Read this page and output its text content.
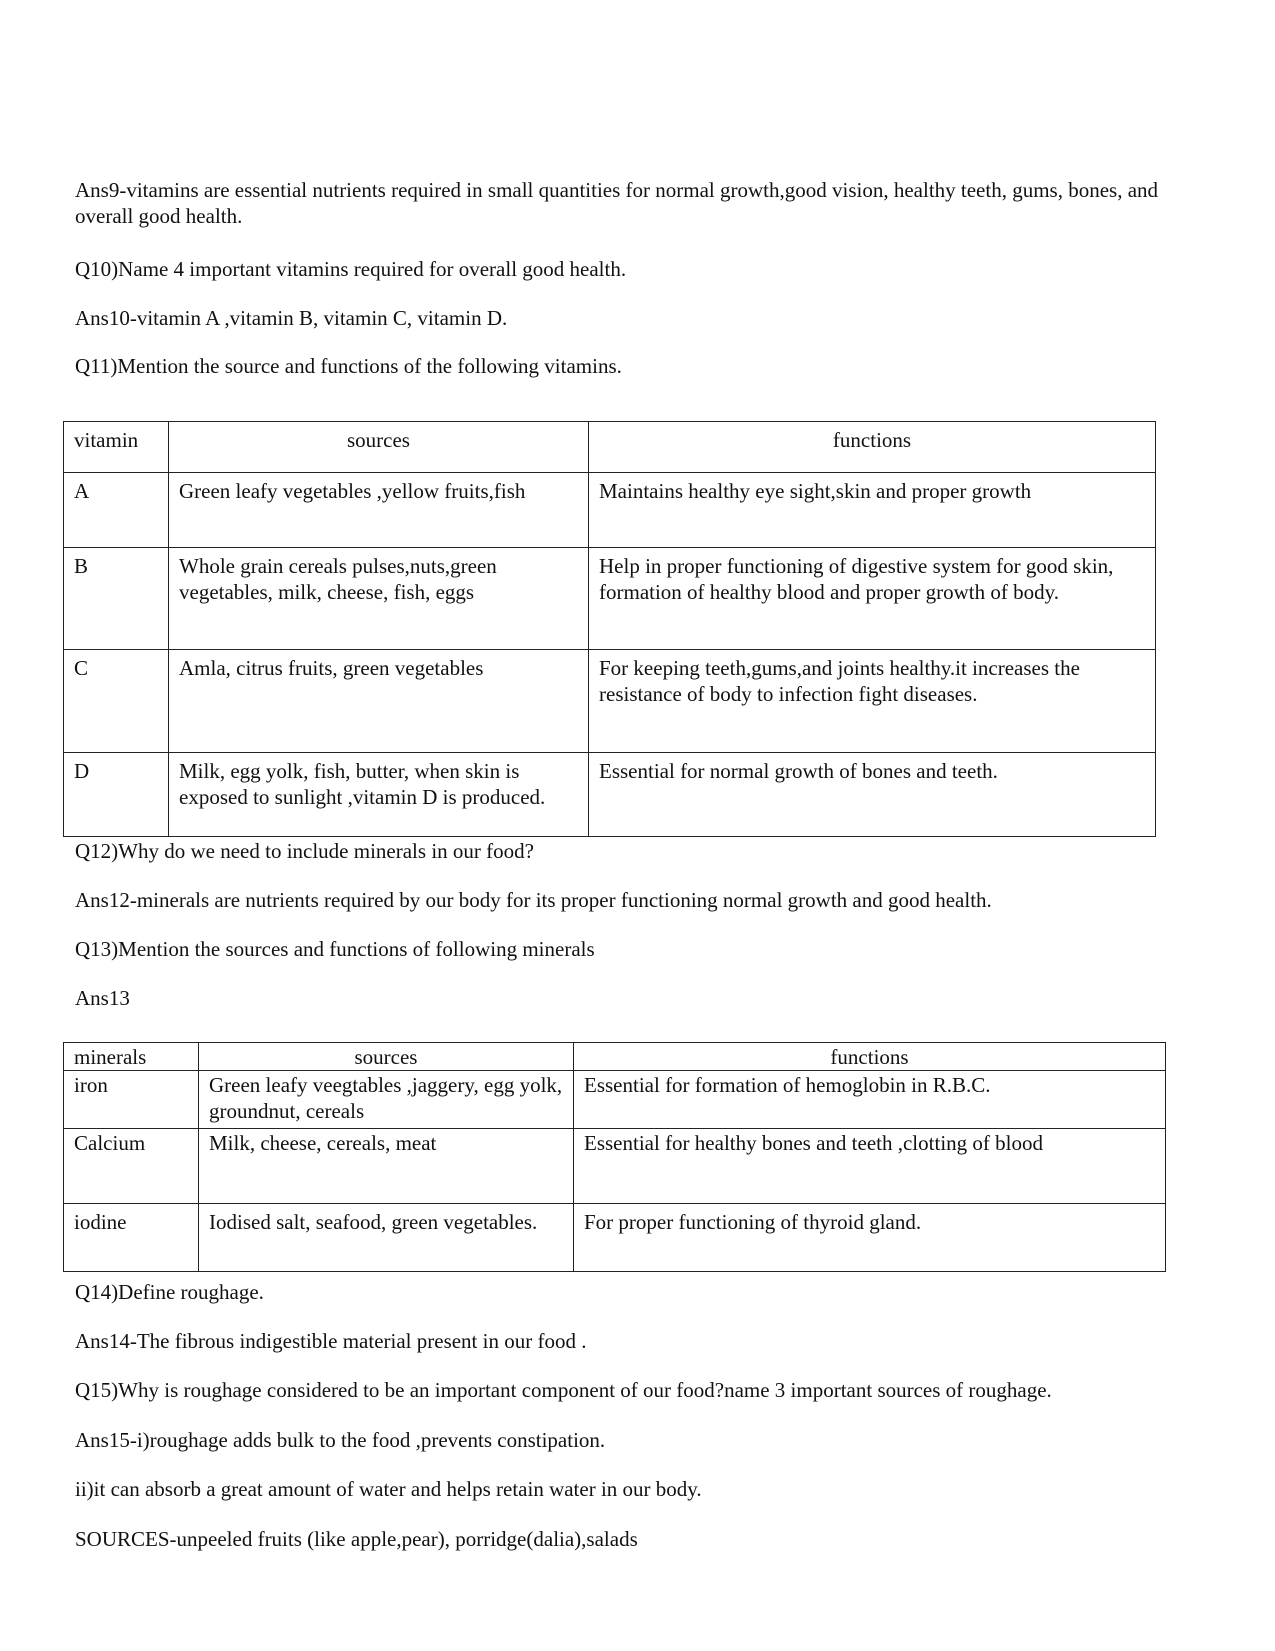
Ans9-vitamins are essential nutrients required in small quantities for normal growth,good vision, healthy teeth, gums, bones, and overall good health.

Q10)Name 4 important vitamins required for overall good health.

Ans10-vitamin A ,vitamin B, vitamin C, vitamin D.

Q11)Mention the source and functions of the following vitamins.

vitamin	sources	functions
A	Green leafy vegetables ,yellow fruits,fish	Maintains healthy eye sight,skin and proper growth
B	Whole grain cereals pulses,nuts,green vegetables, milk, cheese, fish, eggs	Help in proper functioning of digestive system for good skin, formation of healthy blood and proper growth of body.
C	Amla, citrus fruits, green vegetables	For keeping teeth,gums,and joints healthy.it increases the resistance of body to infection fight diseases.
D	Milk, egg yolk, fish, butter, when skin is exposed to sunlight ,vitamin D is produced.	Essential for normal growth of bones and teeth.

Q12)Why do we need to include minerals in our food?

Ans12-minerals are nutrients required by our body for its proper functioning normal growth and good health.

Q13)Mention the sources and functions of following minerals

Ans13

minerals	sources	functions
iron	Green leafy veegtables ,jaggery, egg yolk, groundnut, cereals	Essential for formation of hemoglobin in R.B.C.
Calcium	Milk, cheese, cereals, meat	Essential for healthy bones and teeth ,clotting of blood
iodine	Iodised salt, seafood, green vegetables.	For proper functioning of thyroid gland.

Q14)Define roughage.

Ans14-The fibrous indigestible material present in our food .

Q15)Why is roughage considered to be an important component of our food?name 3 important sources of roughage.

Ans15-i)roughage adds bulk to the food ,prevents constipation.

ii)it can absorb a great amount of water and helps retain water in our body.

SOURCES-unpeeled fruits (like apple,pear), porridge(dalia),salads
